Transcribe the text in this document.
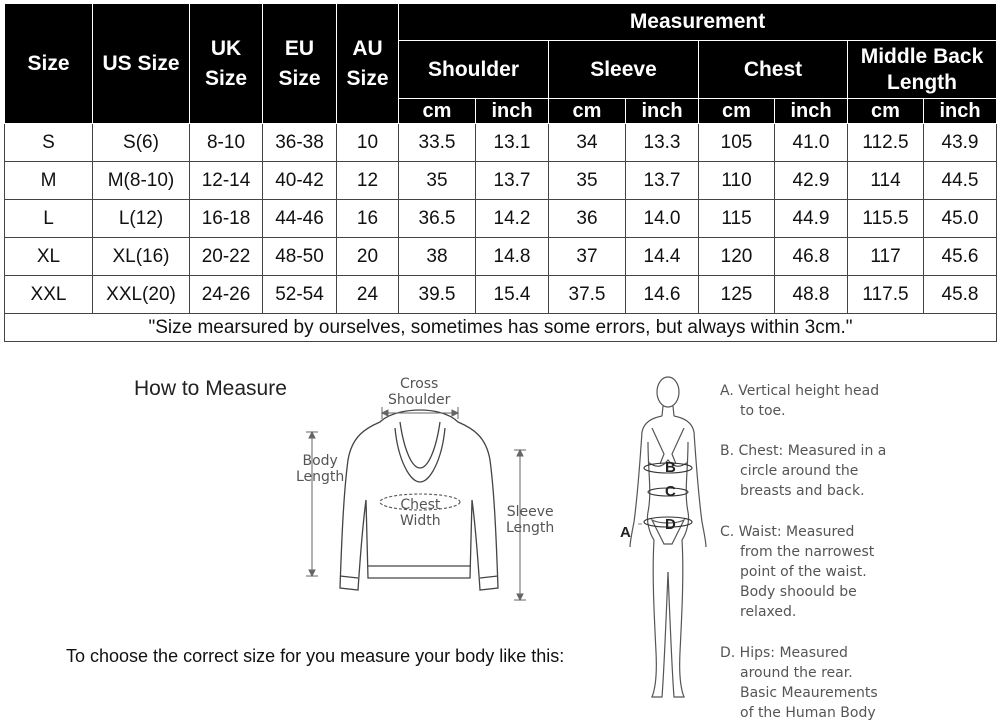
Size	US Size	UK Size	EU Size	AU Size	Measurement							
					Shoulder		Sleeve		Chest		Middle Back Length	
					cm	inch	cm	inch	cm	inch	cm	inch
S	S(6)	8-10	36-38	10	33.5	13.1	34	13.3	105	41.0	112.5	43.9
M	M(8-10)	12-14	40-42	12	35	13.7	35	13.7	110	42.9	114	44.5
L	L(12)	16-18	44-46	16	36.5	14.2	36	14.0	115	44.9	115.5	45.0
XL	XL(16)	20-22	48-50	20	38	14.8	37	14.4	120	46.8	117	45.6
XXL	XXL(20)	24-26	52-54	24	39.5	15.4	37.5	14.6	125	48.8	117.5	45.8
"Size mearsured by ourselves, sometimes has some errors, but always within 3cm."												
How to Measure	Cross
Shoulder
Body
Length
Chest
Width
Sleeve
Length
To choose the correct size for you measure your body like this:
B
C
D
A
A. Vertical height head
to toe.
B. Chest: Measured in a
circle around the
breasts and back.
C. Waist: Measured
from the narrowest
point of the waist.
Body shoould be
relaxed.
D. Hips: Measured
around the rear.
Basic Meaurements
of the Human Body
